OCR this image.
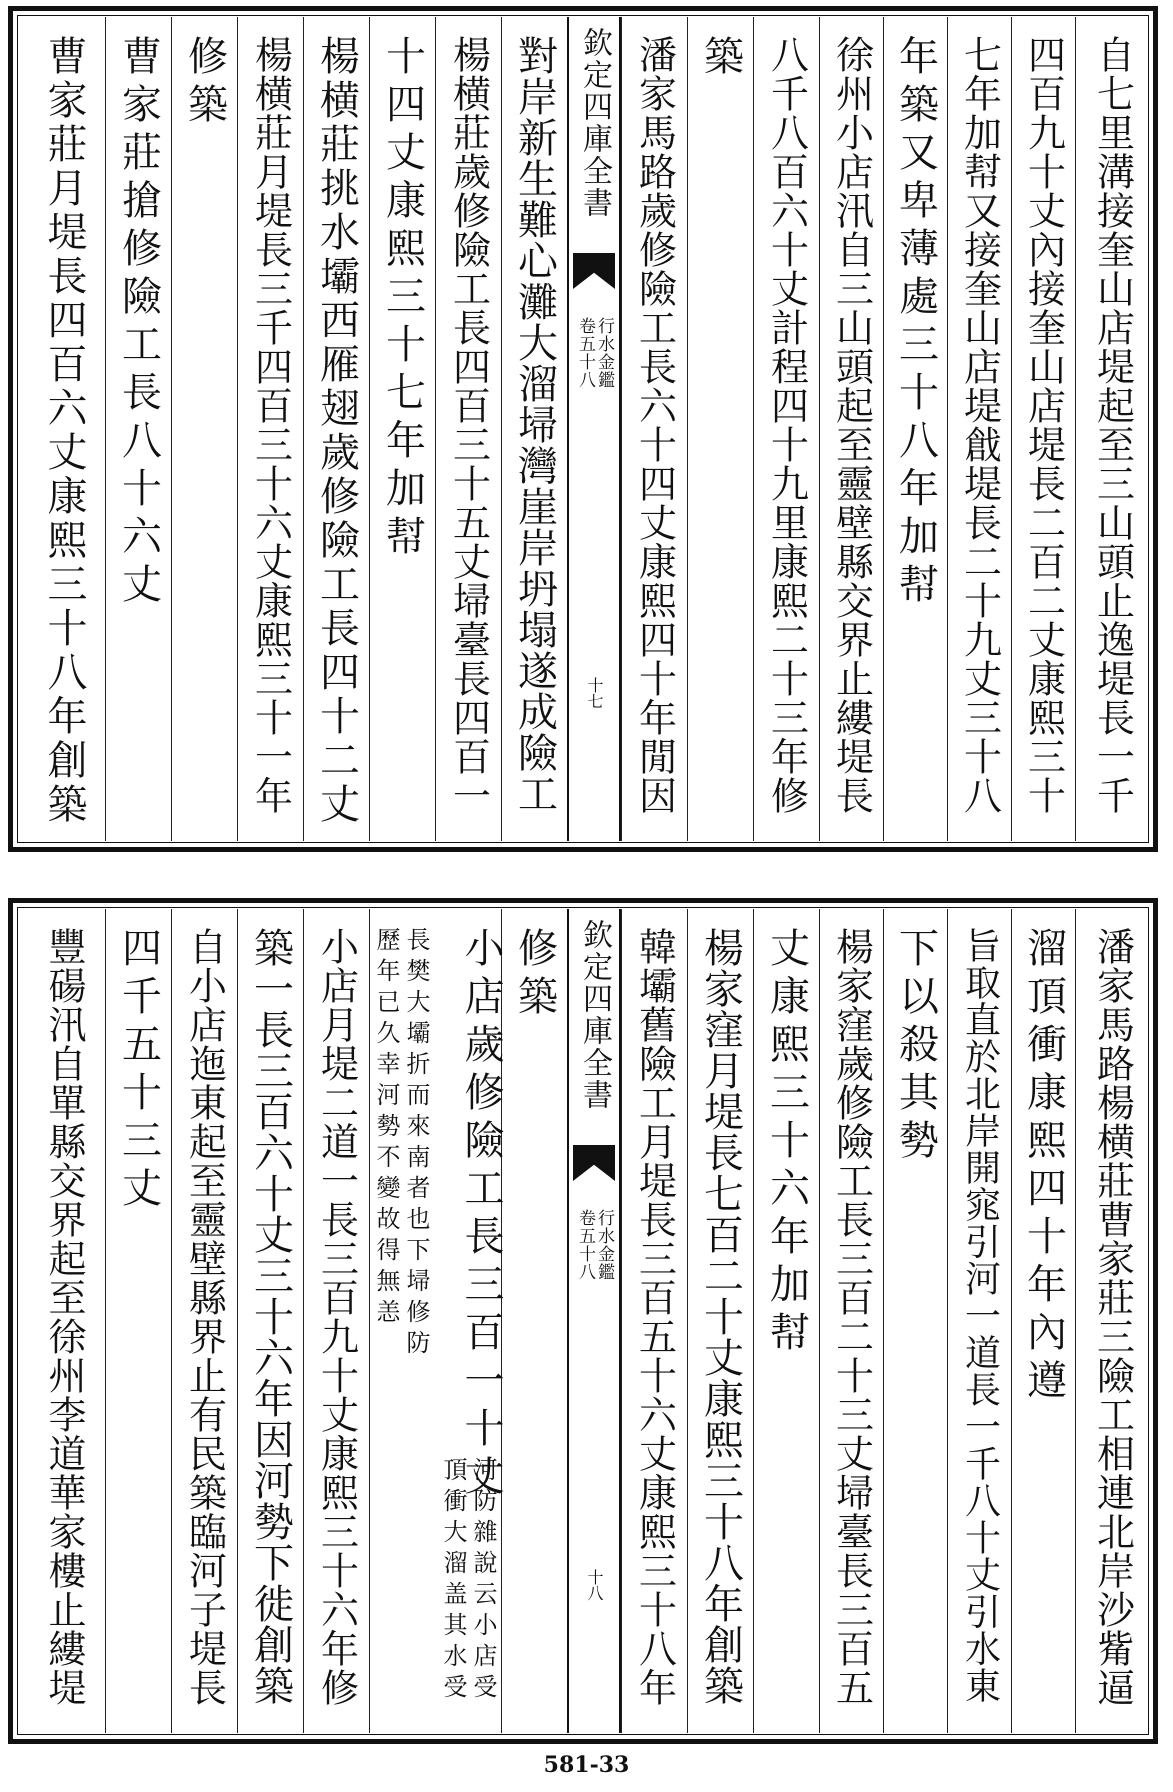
自七里溝接奎山店堤起至三山頭止逸堤長一千
四百九十丈內接奎山店堤長二百二丈康熙三十
七年加幇又接奎山店堤戧堤長二十九丈三十八
年築又卑薄處三十八年加幇
徐州小店汛自三山頭起至靈壁縣交界止縷堤長
八千八百六十丈計程四十九里康熙二十三年修
築
潘家馬路歲修險工長六十四丈康熙四十年閒因
欽定四庫全書
行水金鑑
卷五十八
十七
對岸新生難心灘大溜埽灣崖岸坍塌遂成險工
楊横莊歲修險工長四百三十五丈埽臺長四百一
十四丈康熙三十七年加幇
楊横莊挑水壩西雁翅歲修險工長四十二丈
楊横莊月堤長三千四百三十六丈康熙三十一年
修築
曹家莊搶修險工長八十六丈
曹家莊月堤長四百六丈康熙三十八年創築
潘家馬路楊横莊曹家莊三險工相連北岸沙觜逼
溜頂衝康熙四十年內遵
旨取直於北岸開窕引河一道長一千八十丈引水東
下以殺其勢
楊家窪歲修險工長三百二十三丈埽臺長三百五
丈康熙三十六年加幇
楊家窪月堤長七百二十丈康熙三十八年創築
韓壩舊險工月堤長三百五十六丈康熙三十八年
欽定四庫全書
行水金鑑
卷五十八
十八
修築
小店歲修險工長三百一十丈
長樊大壩折而來南者也下埽修防
歷年已久幸河勢不變故得無恙
河防雜說云小店受
頂衝大溜盖其水受
小店月堤二道一長三百九十丈康熙三十六年修
築一長三百六十丈三十六年因河勢下徙創築
自小店迤東起至靈壁縣界止有民築臨河子堤長
四千五十三丈
豐碭汛自單縣交界起至徐州李道華家樓止縷堤
581-33
